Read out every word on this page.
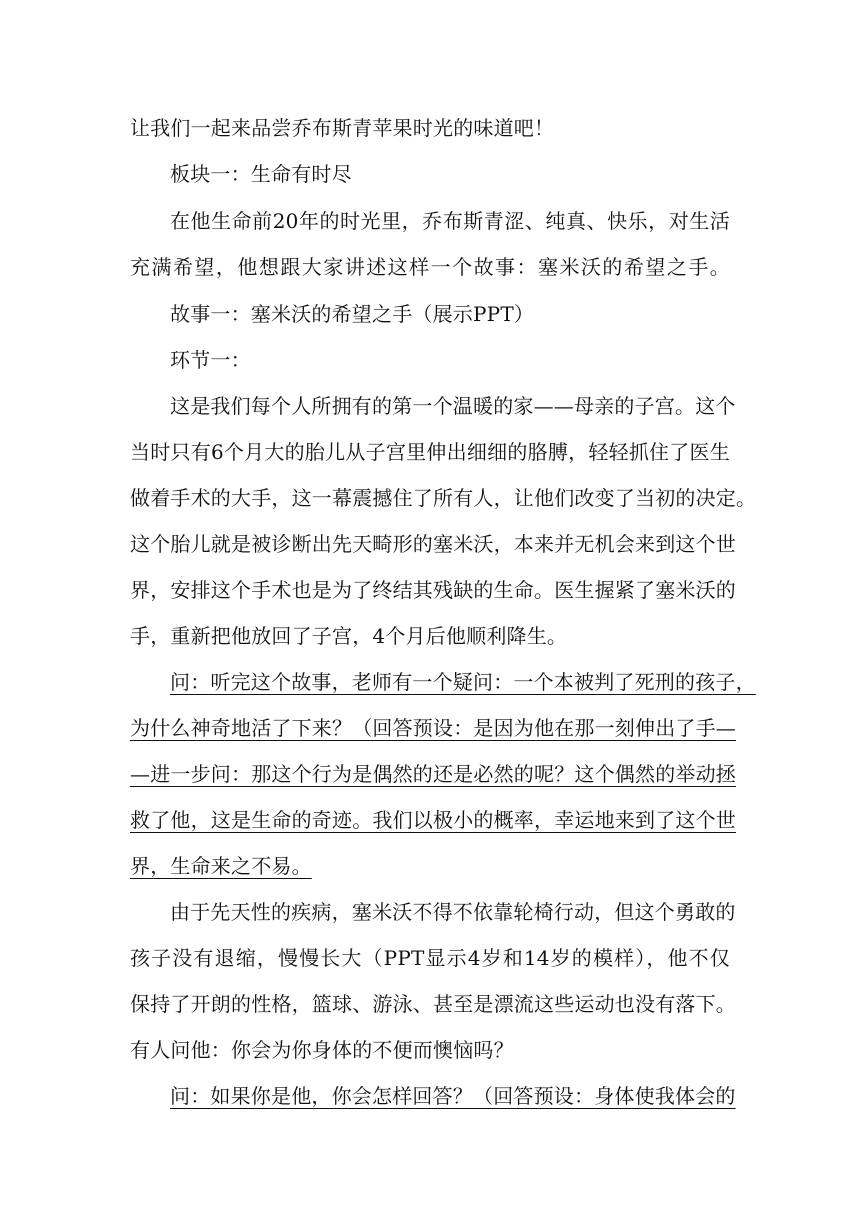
让我们一起来品尝乔布斯青苹果时光的味道吧！
板块一：生命有时尽
在他生命前20年的时光里，乔布斯青涩、纯真、快乐，对生活
充满希望，他想跟大家讲述这样一个故事：塞米沃的希望之手。
故事一：塞米沃的希望之手（展示PPT）
环节一：
这是我们每个人所拥有的第一个温暖的家——母亲的子宫。这个
当时只有6个月大的胎儿从子宫里伸出细细的胳膊，轻轻抓住了医生
做着手术的大手，这一幕震撼住了所有人，让他们改变了当初的决定。
这个胎儿就是被诊断出先天畸形的塞米沃，本来并无机会来到这个世
界，安排这个手术也是为了终结其残缺的生命。医生握紧了塞米沃的
手，重新把他放回了子宫，4个月后他顺利降生。
问：听完这个故事，老师有一个疑问：一个本被判了死刑的孩子，
为什么神奇地活了下来？（回答预设：是因为他在那一刻伸出了手—
—进一步问：那这个行为是偶然的还是必然的呢？这个偶然的举动拯
救了他，这是生命的奇迹。我们以极小的概率，幸运地来到了这个世
界，生命来之不易。
由于先天性的疾病，塞米沃不得不依靠轮椅行动，但这个勇敢的
孩子没有退缩，慢慢长大（PPT显示4岁和14岁的模样），他不仅
保持了开朗的性格，篮球、游泳、甚至是漂流这些运动也没有落下。
有人问他：你会为你身体的不便而懊恼吗？
问：如果你是他，你会怎样回答？（回答预设：身体使我体会的
